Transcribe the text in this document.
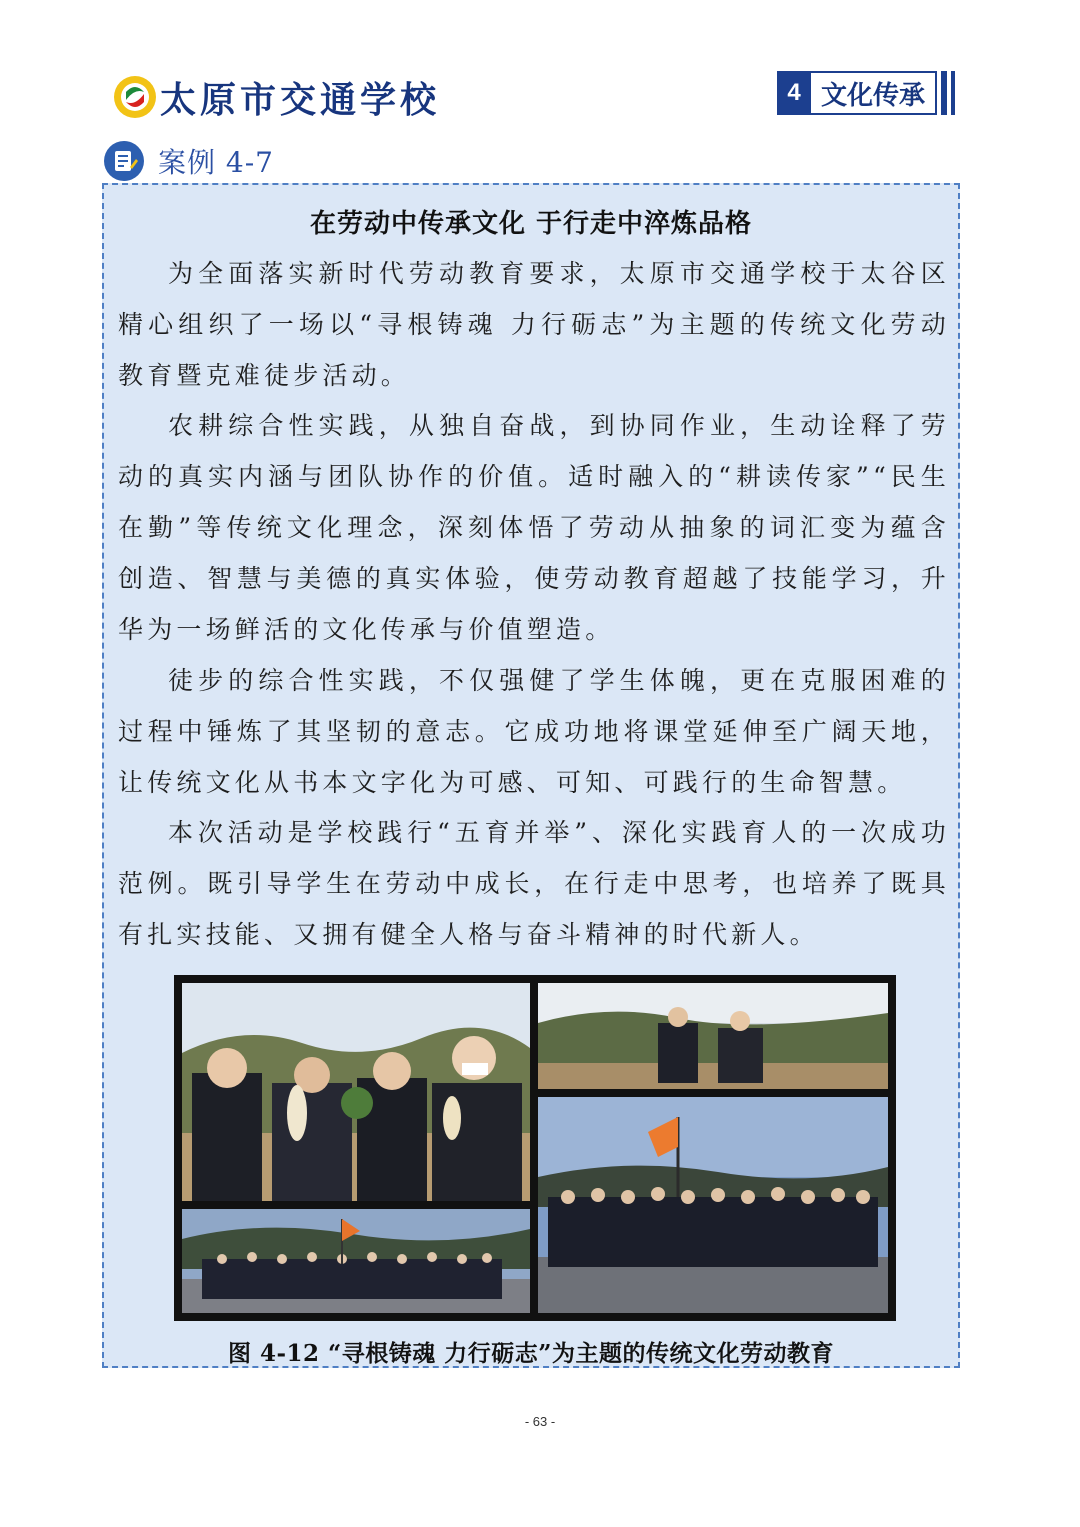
太原市交通学校	4 文化传承
案例 4-7
在劳动中传承文化 于行走中淬炼品格

为全面落实新时代劳动教育要求，太原市交通学校于太谷区精心组织了一场以“寻根铸魂 力行砺志”为主题的传统文化劳动教育暨克难徒步活动。

农耕综合性实践，从独自奋战，到协同作业，生动诠释了劳动的真实内涵与团队协作的价值。适时融入的“耕读传家”“民生在勤”等传统文化理念，深刻体悟了劳动从抽象的词汇变为蕴含创造、智慧与美德的真实体验，使劳动教育超越了技能学习，升华为一场鲜活的文化传承与价值塑造。

徒步的综合性实践，不仅强健了学生体魄，更在克服困难的过程中锤炼了其坚韧的意志。它成功地将课堂延伸至广阔天地，让传统文化从书本文字化为可感、可知、可践行的生命智慧。

本次活动是学校践行“五育并举”、深化实践育人的一次成功范例。既引导学生在劳动中成长，在行走中思考，也培养了既具有扎实技能、又拥有健全人格与奋斗精神的时代新人。

图 4-12 “寻根铸魂 力行砺志”为主题的传统文化劳动教育
- 63 -
